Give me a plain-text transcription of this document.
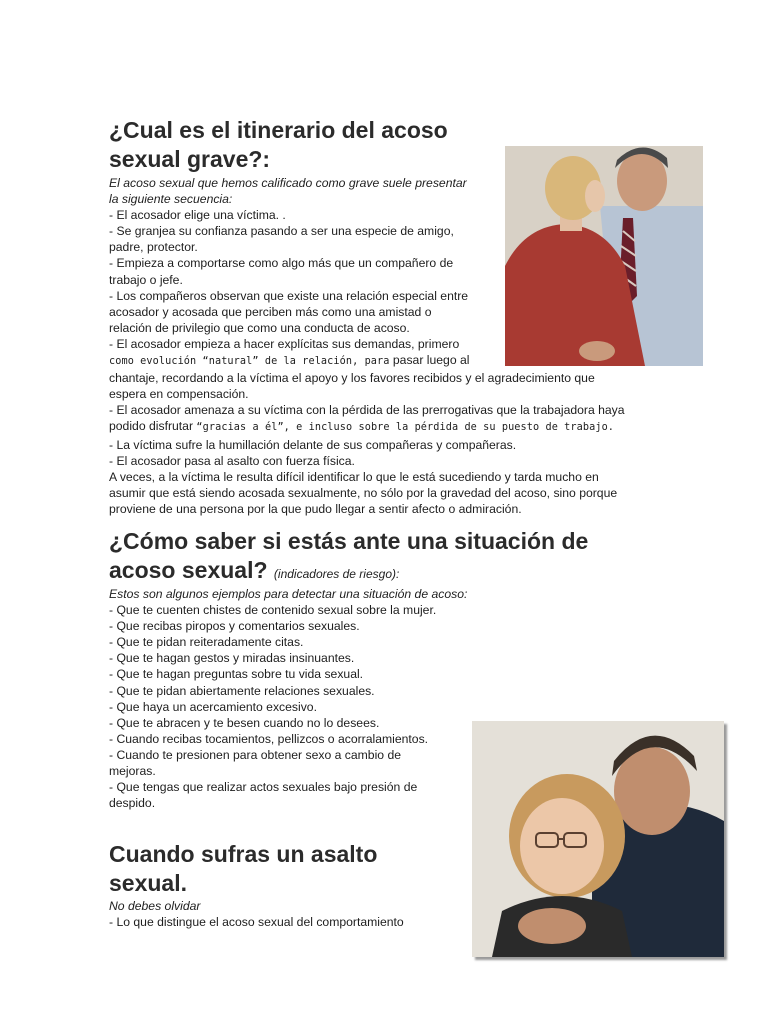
¿Cual es el itinerario del acoso
sexual grave?:
El acoso sexual que hemos calificado como grave suele presentar
la siguiente secuencia:
- El acosador elige una víctima. .
- Se granjea su confianza pasando a ser una especie de amigo,
padre, protector.
- Empieza a comportarse como algo más que un compañero de
trabajo o jefe.
- Los compañeros observan que existe una relación especial entre
acosador y acosada que perciben más como una amistad o
relación de privilegio que como una conducta de acoso.
- El acosador empieza a hacer explícitas sus demandas, primero
como evolución “natural” de la relación, para pasar luego al
chantaje, recordando a la víctima el apoyo y los favores recibidos y el agradecimiento que
espera en compensación.
- El acosador amenaza a su víctima con la pérdida de las prerrogativas que la trabajadora haya
podido disfrutar “gracias a él”, e incluso sobre la pérdida de su puesto de trabajo.
- La víctima sufre la humillación delante de sus compañeras y compañeras.
- El acosador pasa al asalto con fuerza física.
A veces, a la víctima le resulta difícil identificar lo que le está sucediendo y tarda mucho en
asumir que está siendo acosada sexualmente, no sólo por la gravedad del acoso, sino porque
proviene de una persona por la que pudo llegar a sentir afecto o admiración.
¿Cómo saber si estás ante una situación de
acoso sexual? (indicadores de riesgo):
Estos son algunos ejemplos para detectar una situación de acoso:
- Que te cuenten chistes de contenido sexual sobre la mujer.
- Que recibas piropos y comentarios sexuales.
- Que te pidan reiteradamente citas.
- Que te hagan gestos y miradas insinuantes.
- Que te hagan preguntas sobre tu vida sexual.
- Que te pidan abiertamente relaciones sexuales.
- Que haya un acercamiento excesivo.
- Que te abracen y te besen cuando no lo desees.
- Cuando recibas tocamientos, pellizcos o acorralamientos.
- Cuando te presionen para obtener sexo a cambio de
mejoras.
- Que tengas que realizar actos sexuales bajo presión de
despido.
Cuando sufras un asalto
sexual.
No debes olvidar
- Lo que distingue el acoso sexual del comportamiento
